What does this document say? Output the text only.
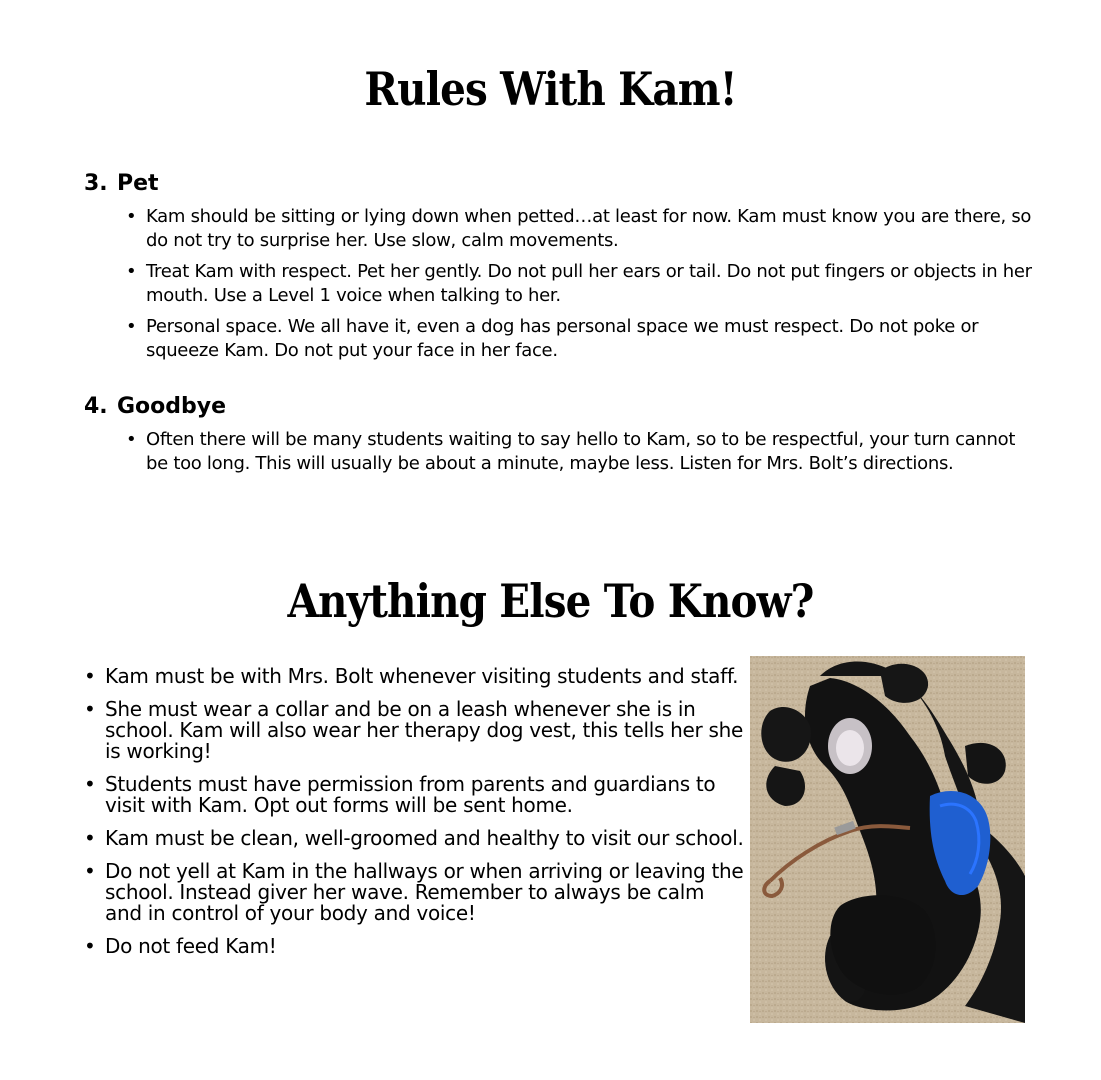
Rules With Kam!
3. Pet
• Kam should be sitting or lying down when petted…at least for now. Kam must know you are there, so do not try to surprise her. Use slow, calm movements.
• Treat Kam with respect. Pet her gently. Do not pull her ears or tail. Do not put fingers or objects in her mouth. Use a Level 1 voice when talking to her.
• Personal space. We all have it, even a dog has personal space we must respect. Do not poke or squeeze Kam. Do not put your face in her face.
4. Goodbye
• Often there will be many students waiting to say hello to Kam, so to be respectful, your turn cannot be too long. This will usually be about a minute, maybe less. Listen for Mrs. Bolt’s directions.
Anything Else To Know?
• Kam must be with Mrs. Bolt whenever visiting students and staff.
• She must wear a collar and be on a leash whenever she is in school. Kam will also wear her therapy dog vest, this tells her she is working!
• Students must have permission from parents and guardians to visit with Kam. Opt out forms will be sent home.
• Kam must be clean, well-groomed and healthy to visit our school.
• Do not yell at Kam in the hallways or when arriving or leaving the school. Instead giver her wave. Remember to always be calm and in control of your body and voice!
• Do not feed Kam!
